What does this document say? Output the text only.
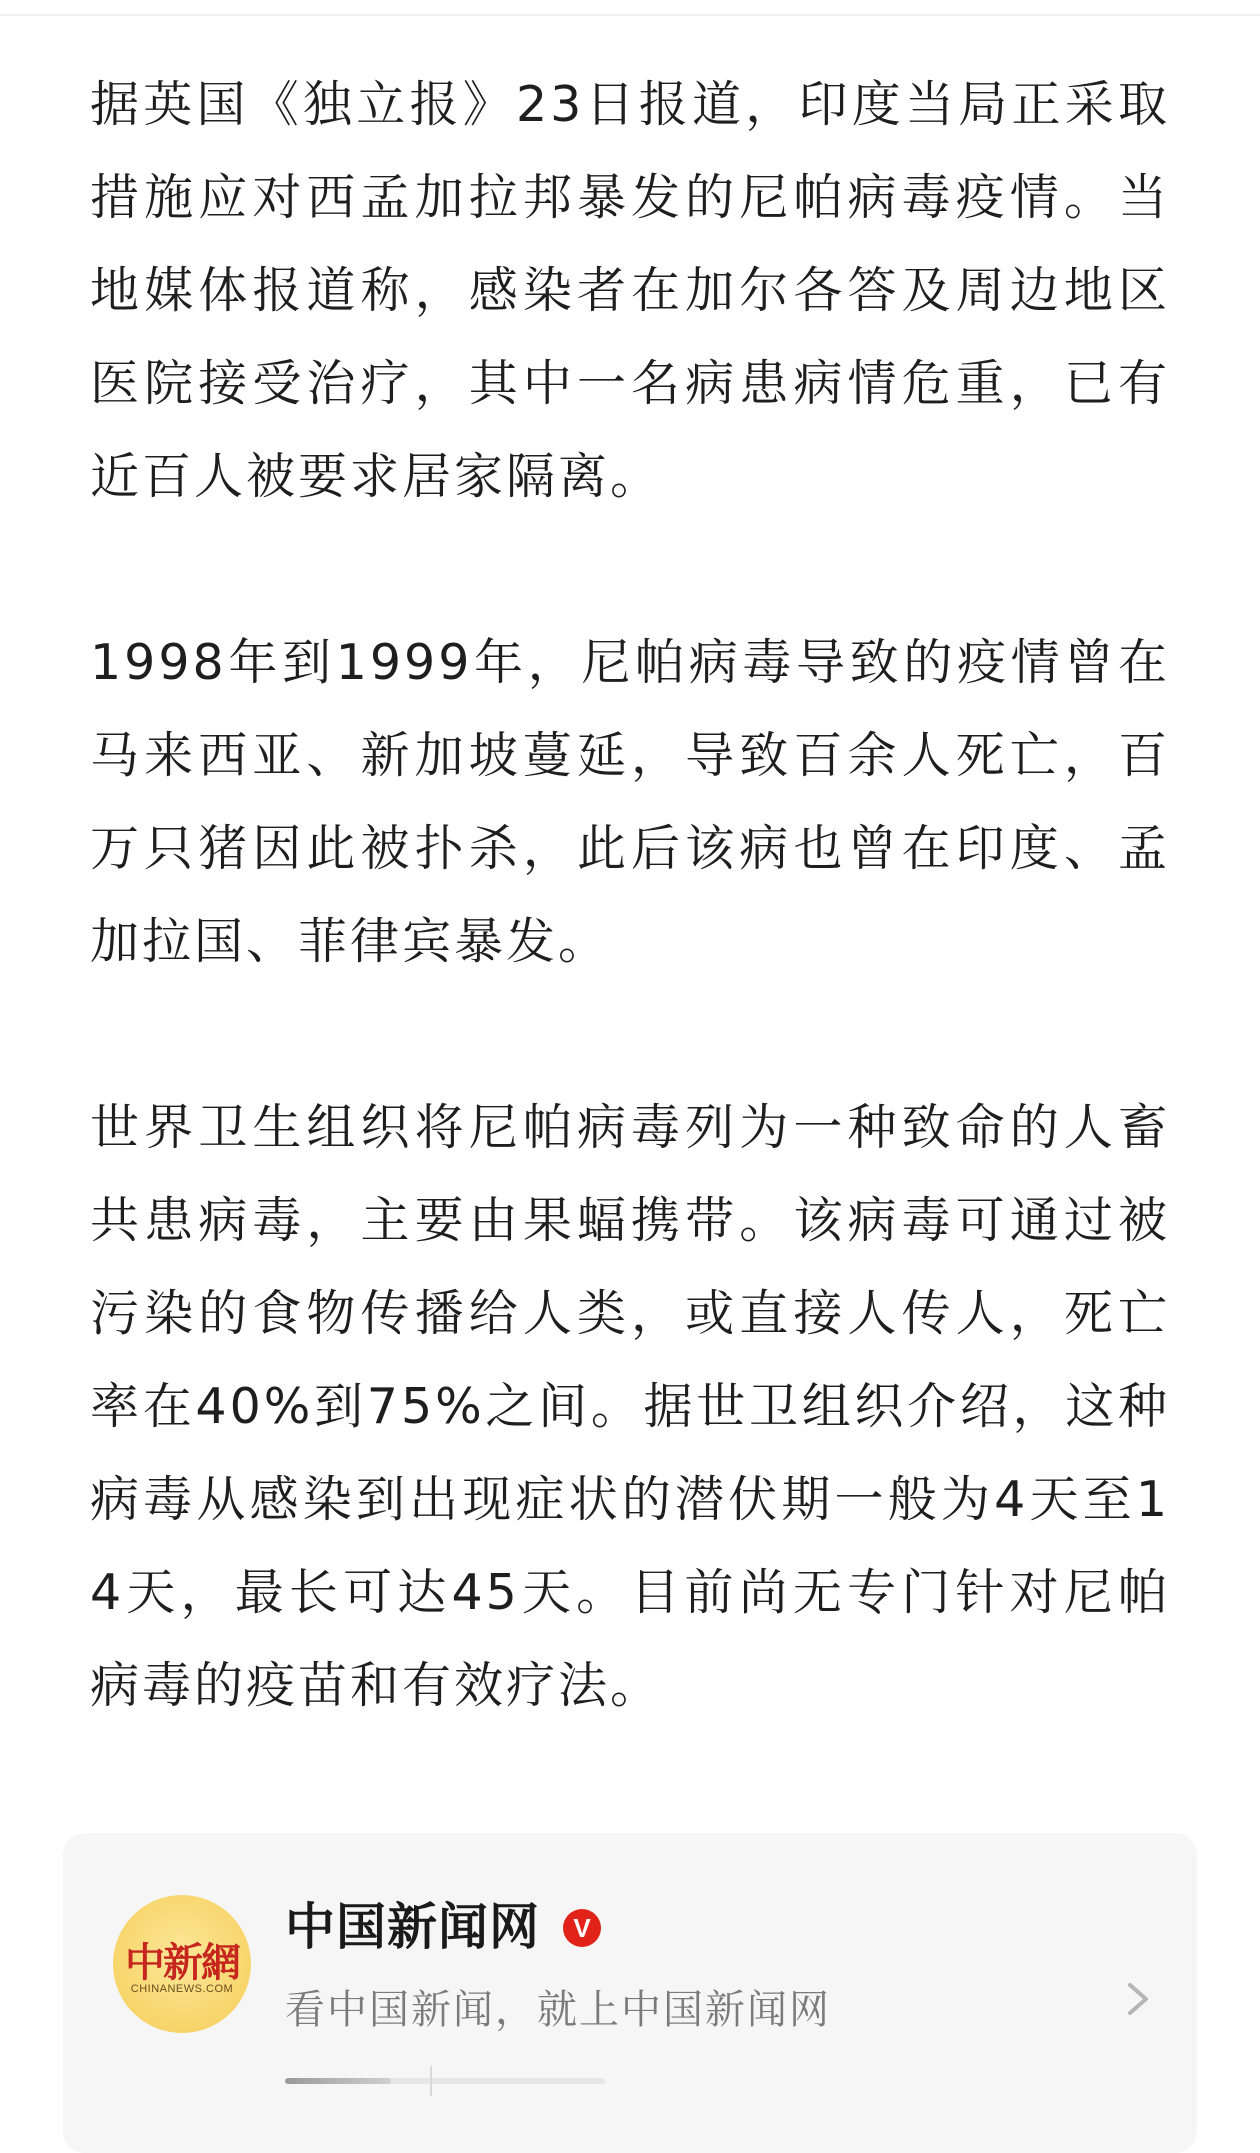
据英国《独立报》23日报道，印度当局正采取措施应对西孟加拉邦暴发的尼帕病毒疫情。当地媒体报道称，感染者在加尔各答及周边地区医院接受治疗，其中一名病患病情危重，已有近百人被要求居家隔离。

1998年到1999年，尼帕病毒导致的疫情曾在马来西亚、新加坡蔓延，导致百余人死亡，百万只猪因此被扑杀，此后该病也曾在印度、孟加拉国、菲律宾暴发。

世界卫生组织将尼帕病毒列为一种致命的人畜共患病毒，主要由果蝠携带。该病毒可通过被污染的食物传播给人类，或直接人传人，死亡率在40%到75%之间。据世卫组织介绍，这种病毒从感染到出现症状的潜伏期一般为4天至14天，最长可达45天。目前尚无专门针对尼帕病毒的疫苗和有效疗法。

中新網
CHINANEWS.COM
中国新闻网	V
看中国新闻，就上中国新闻网
